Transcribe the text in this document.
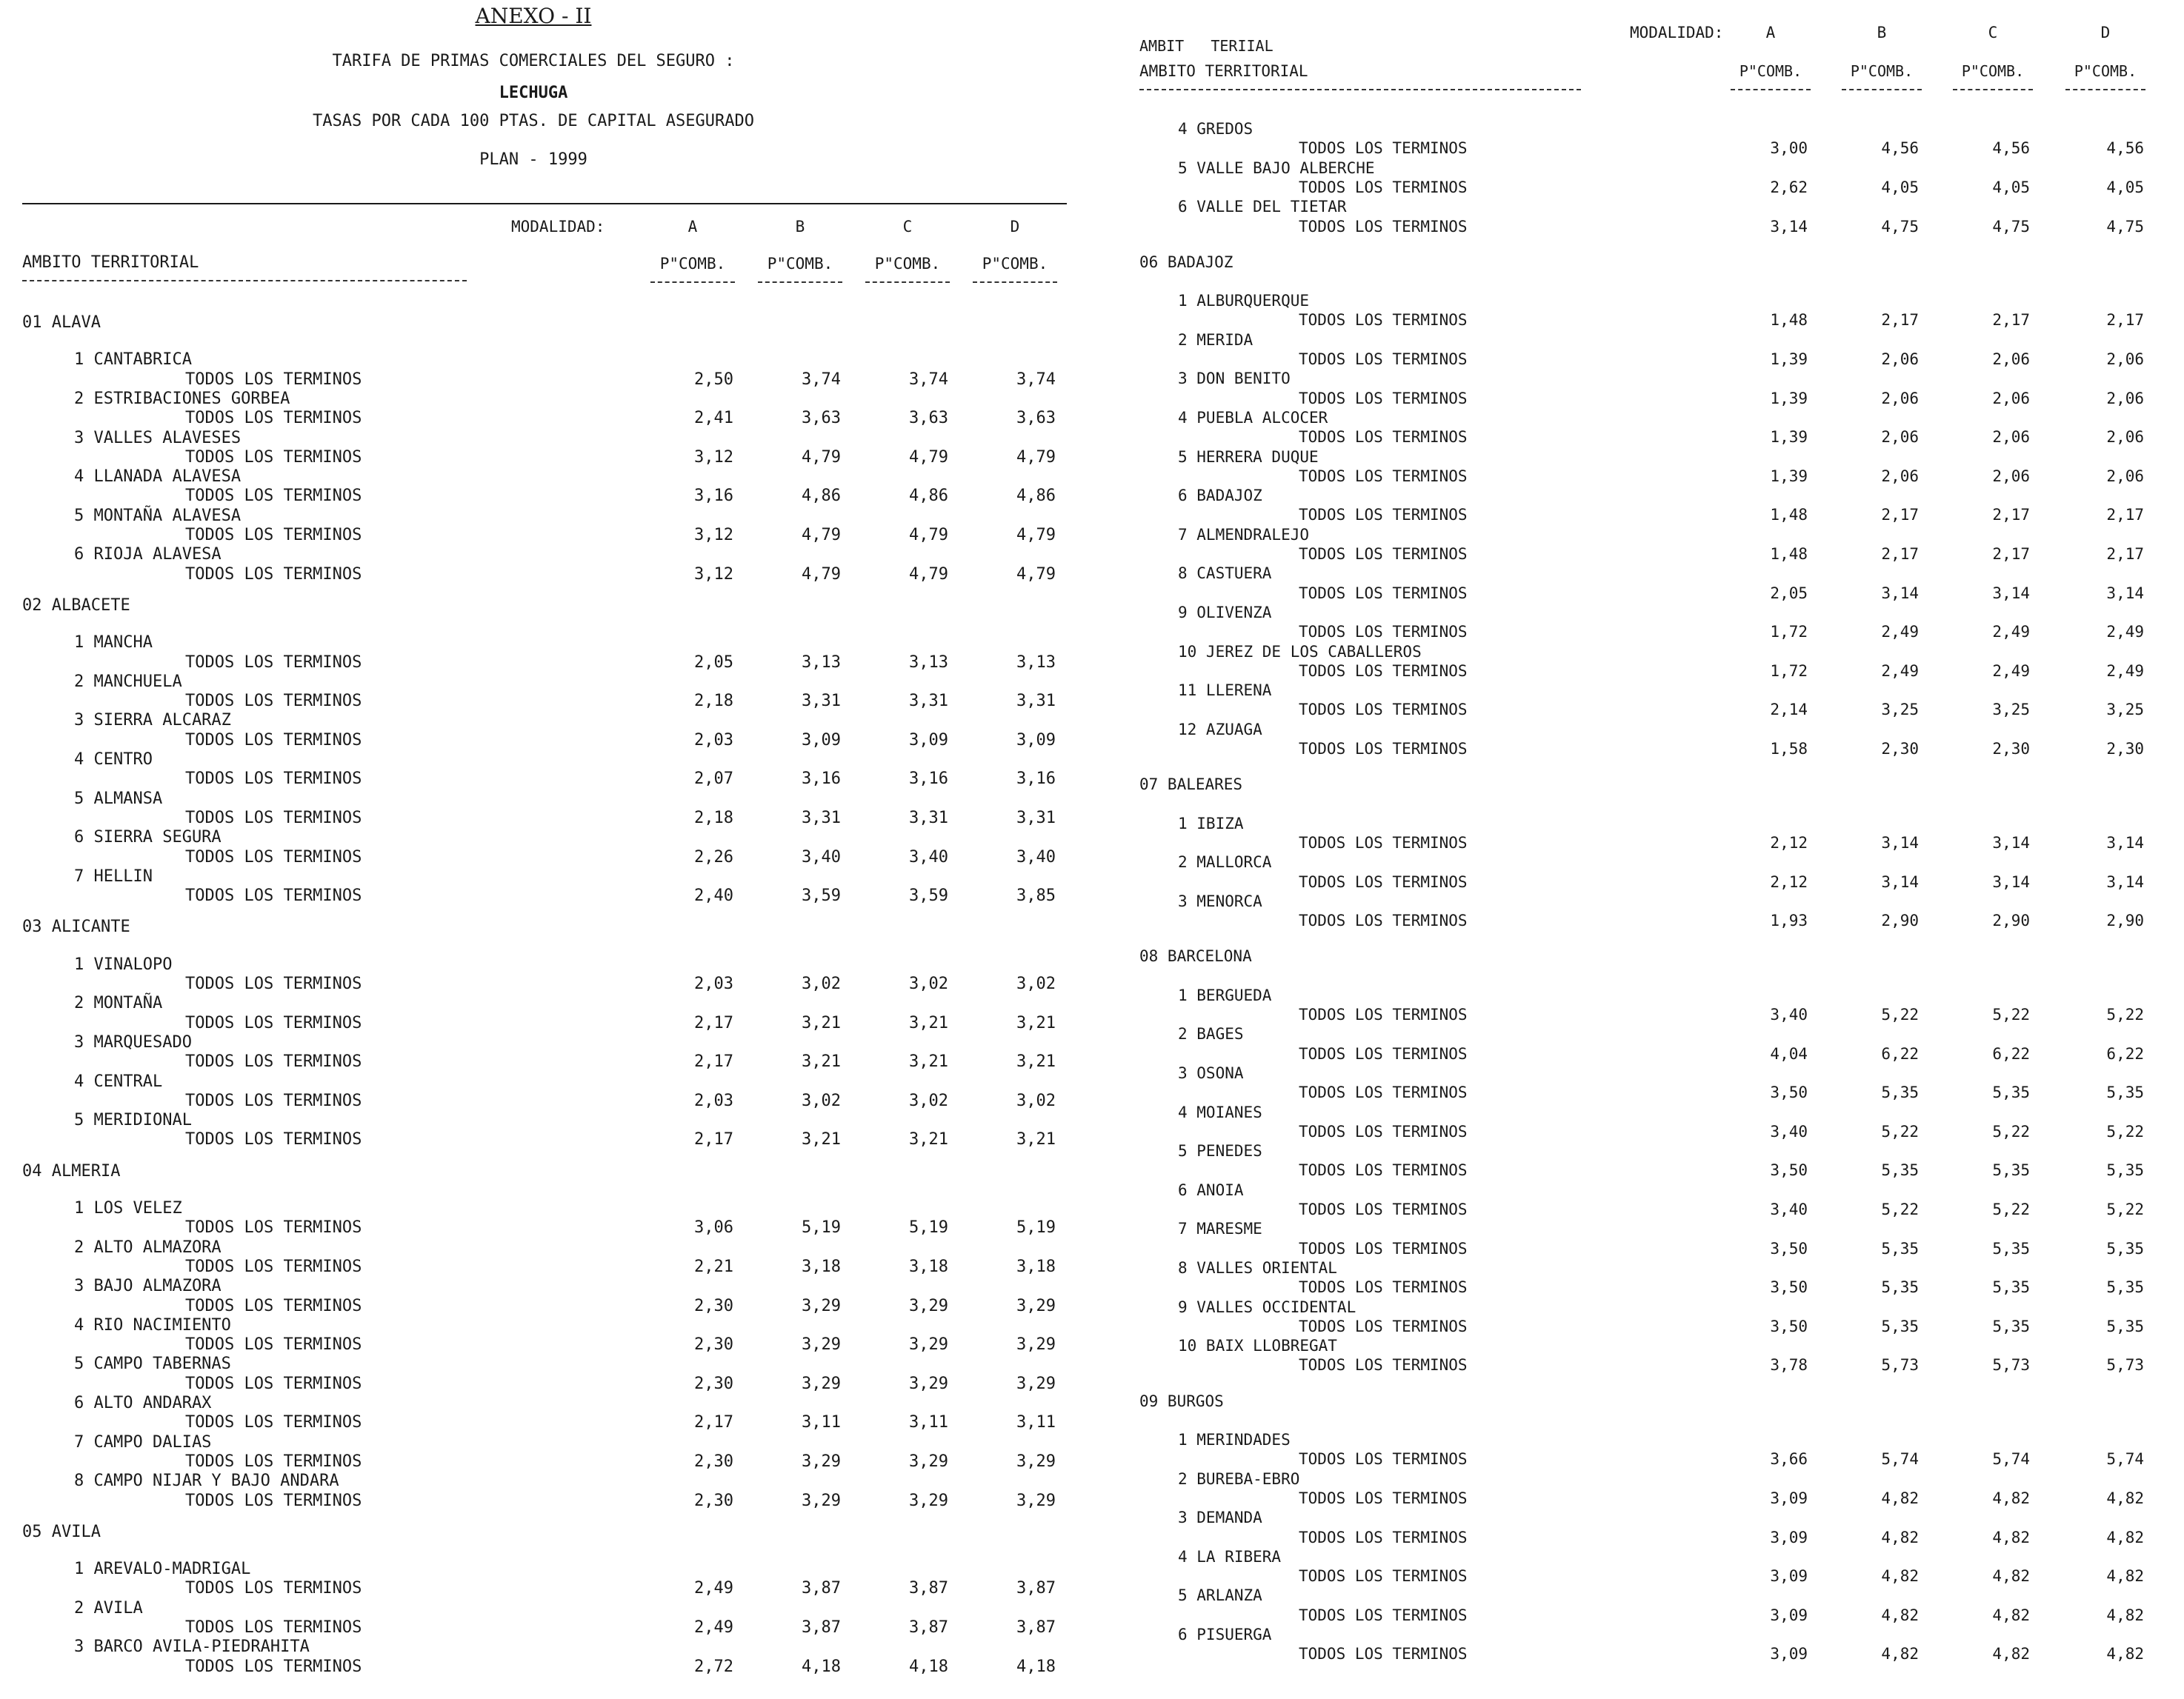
ANEXO - II
TARIFA DE PRIMAS COMERCIALES DEL SEGURO :
LECHUGA
TASAS POR CADA 100 PTAS. DE CAPITAL ASEGURADO
PLAN - 1999
MODALIDAD:	A	B	C	D
AMBITO TERRITORIAL	P"COMB.	P"COMB.	P"COMB.	P"COMB.
01 ALAVA
1 CANTABRICA
TODOS LOS TERMINOS	2,50	3,74	3,74	3,74
2 ESTRIBACIONES GORBEA
TODOS LOS TERMINOS	2,41	3,63	3,63	3,63
3 VALLES ALAVESES
TODOS LOS TERMINOS	3,12	4,79	4,79	4,79
4 LLANADA ALAVESA
TODOS LOS TERMINOS	3,16	4,86	4,86	4,86
5 MONTAÑA ALAVESA
TODOS LOS TERMINOS	3,12	4,79	4,79	4,79
6 RIOJA ALAVESA
TODOS LOS TERMINOS	3,12	4,79	4,79	4,79
02 ALBACETE
1 MANCHA
TODOS LOS TERMINOS	2,05	3,13	3,13	3,13
2 MANCHUELA
TODOS LOS TERMINOS	2,18	3,31	3,31	3,31
3 SIERRA ALCARAZ
TODOS LOS TERMINOS	2,03	3,09	3,09	3,09
4 CENTRO
TODOS LOS TERMINOS	2,07	3,16	3,16	3,16
5 ALMANSA
TODOS LOS TERMINOS	2,18	3,31	3,31	3,31
6 SIERRA SEGURA
TODOS LOS TERMINOS	2,26	3,40	3,40	3,40
7 HELLIN
TODOS LOS TERMINOS	2,40	3,59	3,59	3,85
03 ALICANTE
1 VINALOPO
TODOS LOS TERMINOS	2,03	3,02	3,02	3,02
2 MONTAÑA
TODOS LOS TERMINOS	2,17	3,21	3,21	3,21
3 MARQUESADO
TODOS LOS TERMINOS	2,17	3,21	3,21	3,21
4 CENTRAL
TODOS LOS TERMINOS	2,03	3,02	3,02	3,02
5 MERIDIONAL
TODOS LOS TERMINOS	2,17	3,21	3,21	3,21
04 ALMERIA
1 LOS VELEZ
TODOS LOS TERMINOS	3,06	5,19	5,19	5,19
2 ALTO ALMAZORA
TODOS LOS TERMINOS	2,21	3,18	3,18	3,18
3 BAJO ALMAZORA
TODOS LOS TERMINOS	2,30	3,29	3,29	3,29
4 RIO NACIMIENTO
TODOS LOS TERMINOS	2,30	3,29	3,29	3,29
5 CAMPO TABERNAS
TODOS LOS TERMINOS	2,30	3,29	3,29	3,29
6 ALTO ANDARAX
TODOS LOS TERMINOS	2,17	3,11	3,11	3,11
7 CAMPO DALIAS
TODOS LOS TERMINOS	2,30	3,29	3,29	3,29
8 CAMPO NIJAR Y BAJO ANDARA
TODOS LOS TERMINOS	2,30	3,29	3,29	3,29
05 AVILA
1 AREVALO-MADRIGAL
TODOS LOS TERMINOS	2,49	3,87	3,87	3,87
2 AVILA
TODOS LOS TERMINOS	2,49	3,87	3,87	3,87
3 BARCO AVILA-PIEDRAHITA
TODOS LOS TERMINOS	2,72	4,18	4,18	4,18
AMBIT   TERIIAL
AMBITO TERRITORIAL
MODALIDAD:	A	B	C	D
P"COMB.	P"COMB.	P"COMB.	P"COMB.
4 GREDOS
TODOS LOS TERMINOS	3,00	4,56	4,56	4,56
5 VALLE BAJO ALBERCHE
TODOS LOS TERMINOS	2,62	4,05	4,05	4,05
6 VALLE DEL TIETAR
TODOS LOS TERMINOS	3,14	4,75	4,75	4,75
06 BADAJOZ
1 ALBURQUERQUE
TODOS LOS TERMINOS	1,48	2,17	2,17	2,17
2 MERIDA
TODOS LOS TERMINOS	1,39	2,06	2,06	2,06
3 DON BENITO
TODOS LOS TERMINOS	1,39	2,06	2,06	2,06
4 PUEBLA ALCOCER
TODOS LOS TERMINOS	1,39	2,06	2,06	2,06
5 HERRERA DUQUE
TODOS LOS TERMINOS	1,39	2,06	2,06	2,06
6 BADAJOZ
TODOS LOS TERMINOS	1,48	2,17	2,17	2,17
7 ALMENDRALEJO
TODOS LOS TERMINOS	1,48	2,17	2,17	2,17
8 CASTUERA
TODOS LOS TERMINOS	2,05	3,14	3,14	3,14
9 OLIVENZA
TODOS LOS TERMINOS	1,72	2,49	2,49	2,49
10 JEREZ DE LOS CABALLEROS
TODOS LOS TERMINOS	1,72	2,49	2,49	2,49
11 LLERENA
TODOS LOS TERMINOS	2,14	3,25	3,25	3,25
12 AZUAGA
TODOS LOS TERMINOS	1,58	2,30	2,30	2,30
07 BALEARES
1 IBIZA
TODOS LOS TERMINOS	2,12	3,14	3,14	3,14
2 MALLORCA
TODOS LOS TERMINOS	2,12	3,14	3,14	3,14
3 MENORCA
TODOS LOS TERMINOS	1,93	2,90	2,90	2,90
08 BARCELONA
1 BERGUEDA
TODOS LOS TERMINOS	3,40	5,22	5,22	5,22
2 BAGES
TODOS LOS TERMINOS	4,04	6,22	6,22	6,22
3 OSONA
TODOS LOS TERMINOS	3,50	5,35	5,35	5,35
4 MOIANES
TODOS LOS TERMINOS	3,40	5,22	5,22	5,22
5 PENEDES
TODOS LOS TERMINOS	3,50	5,35	5,35	5,35
6 ANOIA
TODOS LOS TERMINOS	3,40	5,22	5,22	5,22
7 MARESME
TODOS LOS TERMINOS	3,50	5,35	5,35	5,35
8 VALLES ORIENTAL
TODOS LOS TERMINOS	3,50	5,35	5,35	5,35
9 VALLES OCCIDENTAL
TODOS LOS TERMINOS	3,50	5,35	5,35	5,35
10 BAIX LLOBREGAT
TODOS LOS TERMINOS	3,78	5,73	5,73	5,73
09 BURGOS
1 MERINDADES
TODOS LOS TERMINOS	3,66	5,74	5,74	5,74
2 BUREBA-EBRO
TODOS LOS TERMINOS	3,09	4,82	4,82	4,82
3 DEMANDA
TODOS LOS TERMINOS	3,09	4,82	4,82	4,82
4 LA RIBERA
TODOS LOS TERMINOS	3,09	4,82	4,82	4,82
5 ARLANZA
TODOS LOS TERMINOS	3,09	4,82	4,82	4,82
6 PISUERGA
TODOS LOS TERMINOS	3,09	4,82	4,82	4,82
